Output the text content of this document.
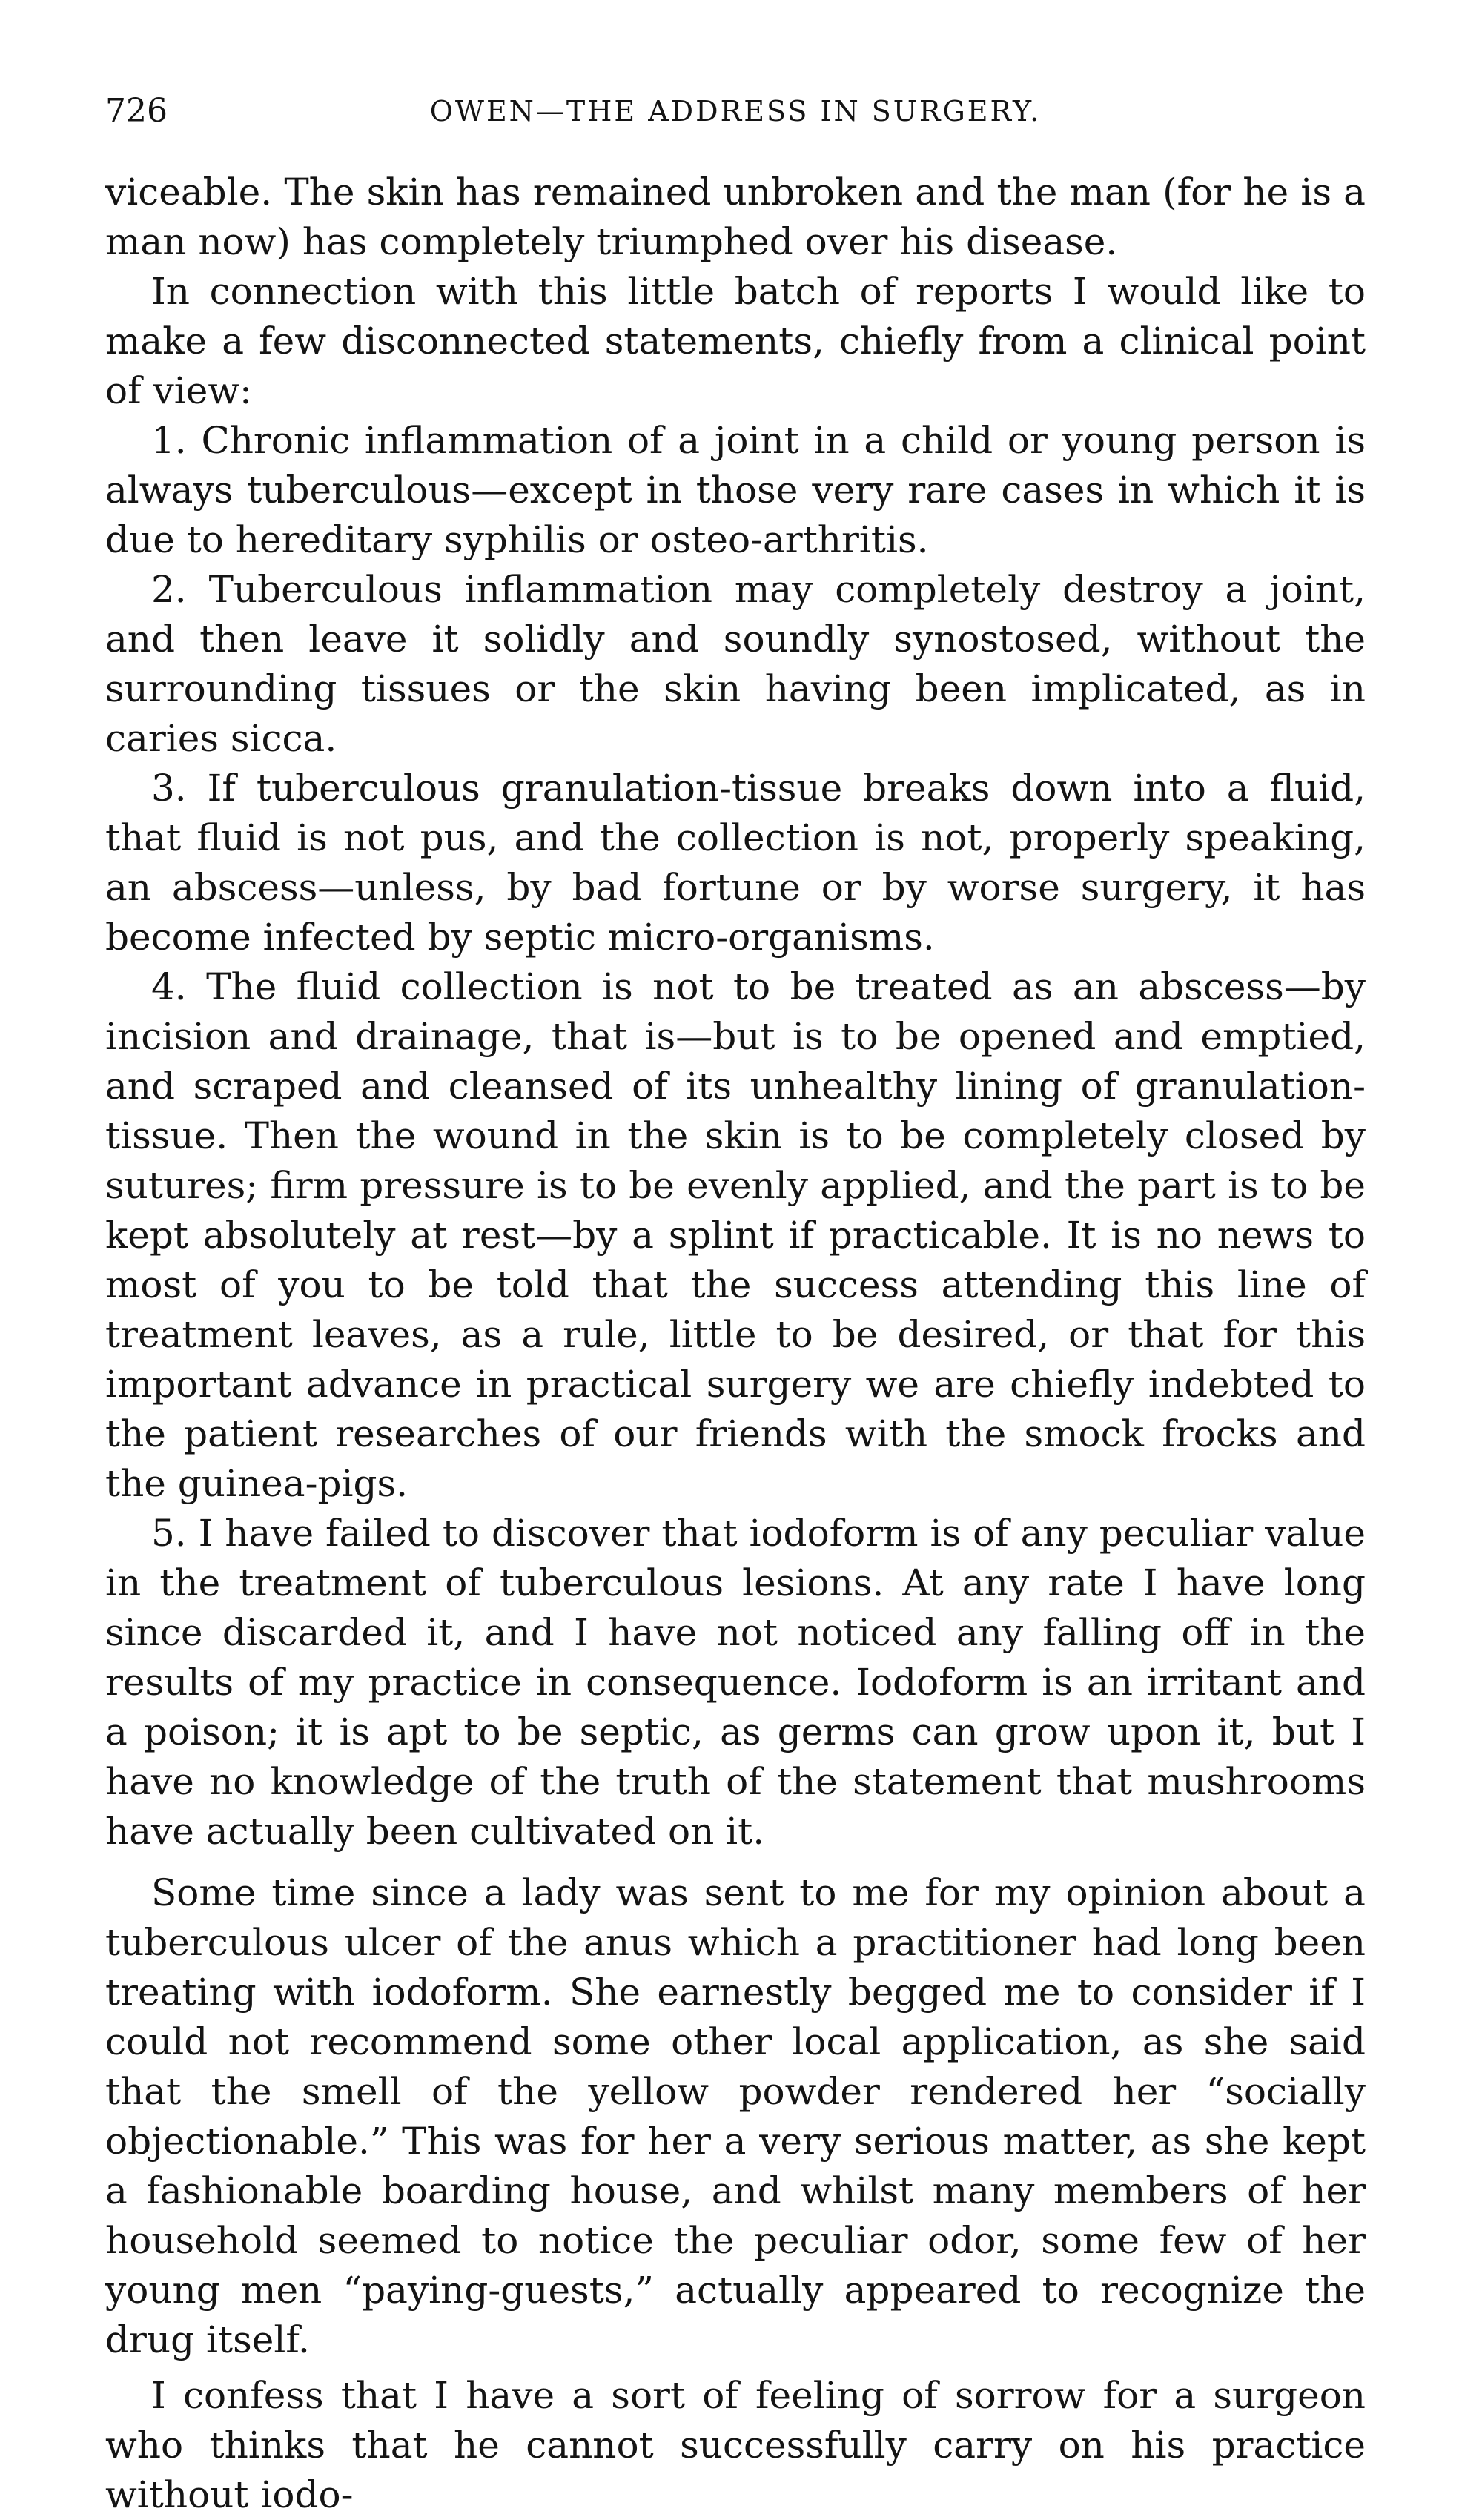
726	OWEN—THE ADDRESS IN SURGERY.

viceable. The skin has remained unbroken and the man (for he is a man now) has completely triumphed over his disease.

In connection with this little batch of reports I would like to make a few disconnected statements, chiefly from a clinical point of view:

1. Chronic inflammation of a joint in a child or young person is always tuberculous—except in those very rare cases in which it is due to hereditary syphilis or osteo-arthritis.

2. Tuberculous inflammation may completely destroy a joint, and then leave it solidly and soundly synostosed, without the surrounding tissues or the skin having been implicated, as in caries sicca.

3. If tuberculous granulation-tissue breaks down into a fluid, that fluid is not pus, and the collection is not, properly speaking, an abscess—unless, by bad fortune or by worse surgery, it has become infected by septic micro-organisms.

4. The fluid collection is not to be treated as an abscess—by incision and drainage, that is—but is to be opened and emptied, and scraped and cleansed of its unhealthy lining of granulation-tissue. Then the wound in the skin is to be completely closed by sutures; firm pressure is to be evenly applied, and the part is to be kept absolutely at rest—by a splint if practicable. It is no news to most of you to be told that the success attending this line of treatment leaves, as a rule, little to be desired, or that for this important advance in practical surgery we are chiefly indebted to the patient researches of our friends with the smock frocks and the guinea-pigs.

5. I have failed to discover that iodoform is of any peculiar value in the treatment of tuberculous lesions. At any rate I have long since discarded it, and I have not noticed any falling off in the results of my practice in consequence. Iodoform is an irritant and a poison; it is apt to be septic, as germs can grow upon it, but I have no knowledge of the truth of the statement that mushrooms have actually been cultivated on it.

Some time since a lady was sent to me for my opinion about a tuberculous ulcer of the anus which a practitioner had long been treating with iodoform. She earnestly begged me to consider if I could not recommend some other local application, as she said that the smell of the yellow powder rendered her “socially objectionable.” This was for her a very serious matter, as she kept a fashionable boarding house, and whilst many members of her household seemed to notice the peculiar odor, some few of her young men “paying-guests,” actually appeared to recognize the drug itself.

I confess that I have a sort of feeling of sorrow for a surgeon who thinks that he cannot successfully carry on his practice without iodo-
